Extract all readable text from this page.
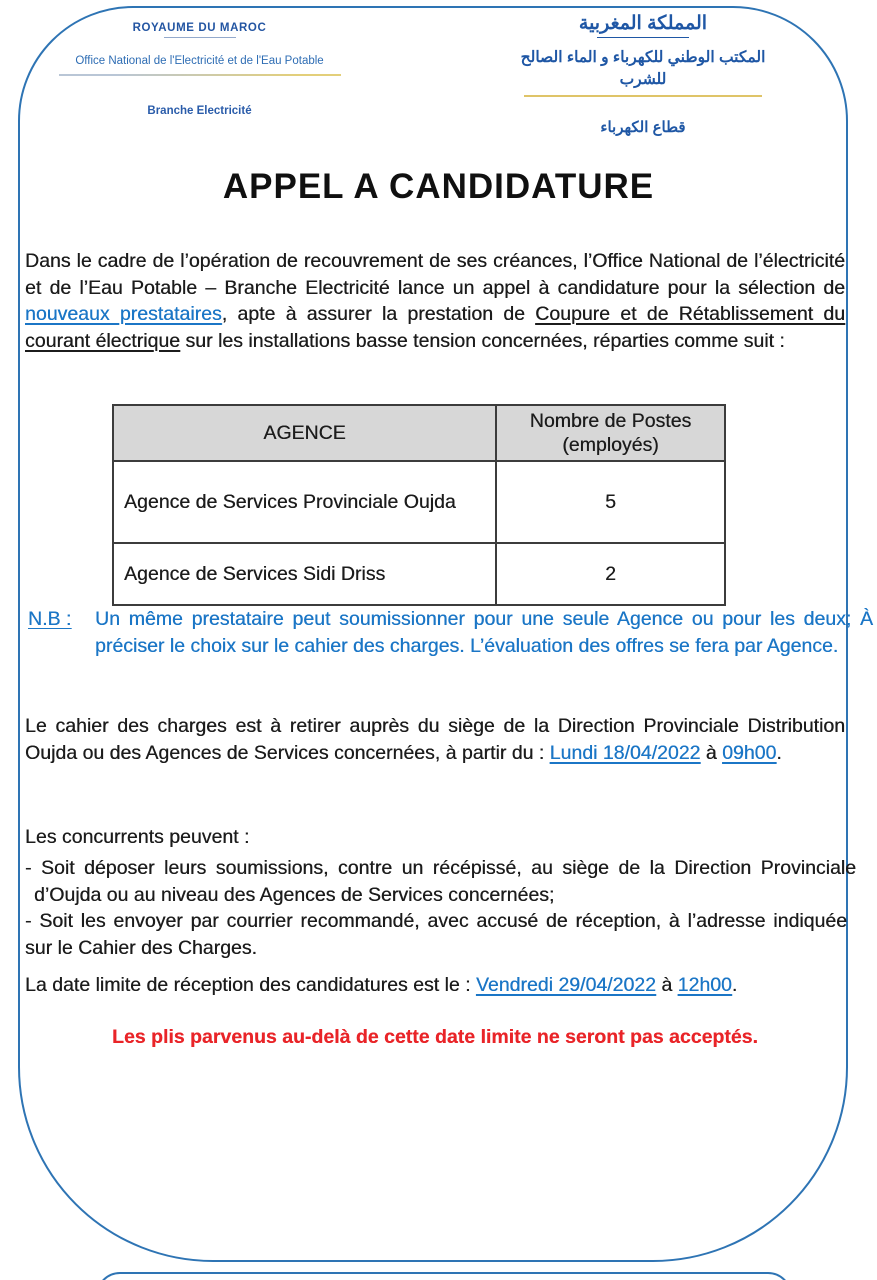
ROYAUME DU MAROC
Office National de l'Electricité et de l'Eau Potable
Branche Electricité
المملكة المغربية
المكتب الوطني للكهرباء و الماء الصالح للشرب
قطاع الكهرباء
APPEL A CANDIDATURE
Dans le cadre de l’opération de recouvrement de ses créances, l’Office National de l’électricité et de l’Eau Potable – Branche Electricité lance un appel à candidature pour la sélection de nouveaux prestataires, apte à assurer la prestation de Coupure et de Rétablissement du courant électrique sur les installations basse tension concernées, réparties comme suit :
AGENCE	Nombre de Postes (employés)

Agence de Services Provinciale Oujda	5
Agence de Services Sidi Driss	2
N.B :	Un même prestataire peut soumissionner pour une seule Agence ou pour les deux; À préciser le choix sur le cahier des charges. L’évaluation des offres se fera par Agence.
Le cahier des charges est à retirer auprès du siège de la Direction Provinciale Distribution Oujda ou des Agences de Services concernées, à partir du : Lundi 18/04/2022 à 09h00.
Les concurrents peuvent :
- Soit déposer leurs soumissions, contre un récépissé, au siège de la Direction Provinciale d’Oujda ou au niveau des Agences de Services concernées;
- Soit les envoyer par courrier recommandé, avec accusé de réception, à l’adresse indiquée sur le Cahier des Charges.
La date limite de réception des candidatures est le : Vendredi 29/04/2022 à 12h00.
Les plis parvenus au-delà de cette date limite ne seront pas acceptés.
